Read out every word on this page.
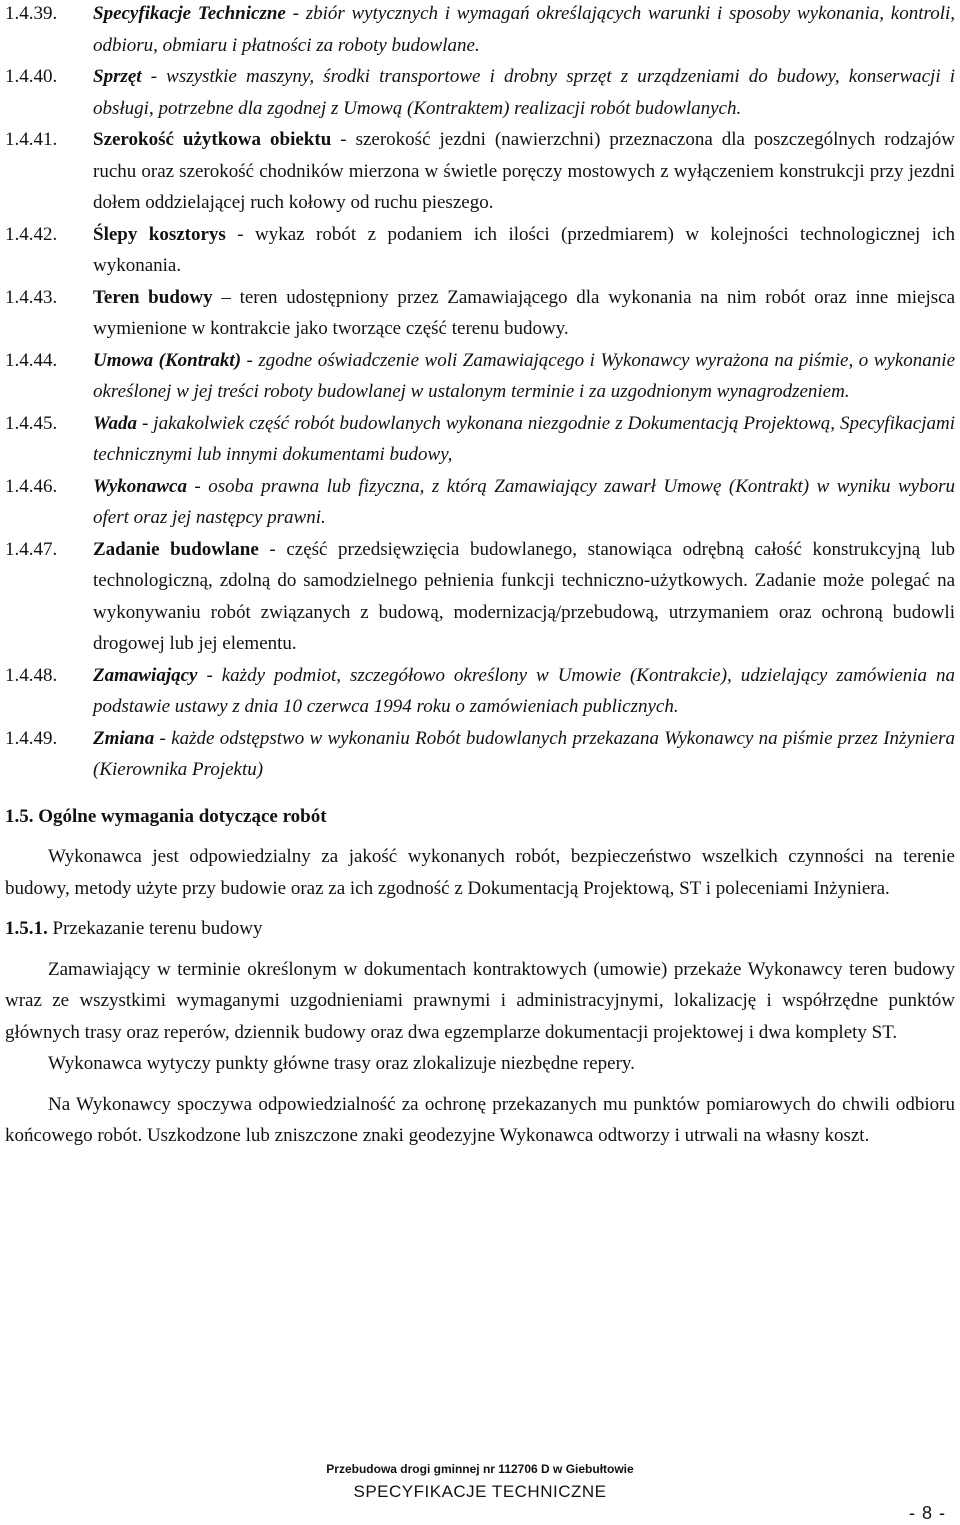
1.4.39. Specyfikacje Techniczne - zbiór wytycznych i wymagań określających warunki i sposoby wykonania, kontroli, odbioru, obmiaru i płatności za roboty budowlane.
1.4.40. Sprzęt - wszystkie maszyny, środki transportowe i drobny sprzęt z urządzeniami do budowy, konserwacji i obsługi, potrzebne dla zgodnej z Umową (Kontraktem) realizacji robót budowlanych.
1.4.41. Szerokość użytkowa obiektu - szerokość jezdni (nawierzchni) przeznaczona dla poszczególnych rodzajów ruchu oraz szerokość chodników mierzona w świetle poręczy mostowych z wyłączeniem konstrukcji przy jezdni dołem oddzielającej ruch kołowy od ruchu pieszego.
1.4.42. Ślepy kosztorys - wykaz robót z podaniem ich ilości (przedmiarem) w kolejności technologicznej ich wykonania.
1.4.43. Teren budowy – teren udostępniony przez Zamawiającego dla wykonania na nim robót oraz inne miejsca wymienione w kontrakcie jako tworzące część terenu budowy.
1.4.44. Umowa (Kontrakt) - zgodne oświadczenie woli Zamawiającego i Wykonawcy wyrażona na piśmie, o wykonanie określonej w jej treści roboty budowlanej w ustalonym terminie i za uzgodnionym wynagrodzeniem.
1.4.45. Wada - jakakolwiek część robót budowlanych wykonana niezgodnie z Dokumentacją Projektową, Specyfikacjami technicznymi lub innymi dokumentami budowy,
1.4.46. Wykonawca - osoba prawna lub fizyczna, z którą Zamawiający zawarł Umowę (Kontrakt) w wyniku wyboru ofert oraz jej następcy prawni.
1.4.47. Zadanie budowlane - część przedsięwzięcia budowlanego, stanowiąca odrębną całość konstrukcyjną lub technologiczną, zdolną do samodzielnego pełnienia funkcji techniczno-użytkowych. Zadanie może polegać na wykonywaniu robót związanych z budową, modernizacją/przebudową, utrzymaniem oraz ochroną budowli drogowej lub jej elementu.
1.4.48. Zamawiający - każdy podmiot, szczegółowo określony w Umowie (Kontrakcie), udzielający zamówienia na podstawie ustawy z dnia 10 czerwca 1994 roku o zamówieniach publicznych.
1.4.49. Zmiana - każde odstępstwo w wykonaniu Robót budowlanych przekazana Wykonawcy na piśmie przez Inżyniera (Kierownika Projektu)
1.5. Ogólne wymagania dotyczące robót
Wykonawca jest odpowiedzialny za jakość wykonanych robót, bezpieczeństwo wszelkich czynności na terenie budowy, metody użyte przy budowie oraz za ich zgodność z Dokumentacją Projektową, ST i poleceniami Inżyniera.
1.5.1. Przekazanie terenu budowy
Zamawiający w terminie określonym w dokumentach kontraktowych (umowie) przekaże Wykonawcy teren budowy wraz ze wszystkimi wymaganymi uzgodnieniami prawnymi i administracyjnymi, lokalizację i współrzędne punktów głównych trasy oraz reperów, dziennik budowy oraz dwa egzemplarze dokumentacji projektowej i dwa komplety ST.
Wykonawca wytyczy punkty główne trasy oraz zlokalizuje niezbędne repery.
Na Wykonawcy spoczywa odpowiedzialność za ochronę przekazanych mu punktów pomiarowych do chwili odbioru końcowego robót. Uszkodzone lub zniszczone znaki geodezyjne Wykonawca odtworzy i utrwali na własny koszt.
Przebudowa drogi gminnej nr 112706 D w Giebułtowie
SPECYFIKACJE TECHNICZNE
- 8 -
